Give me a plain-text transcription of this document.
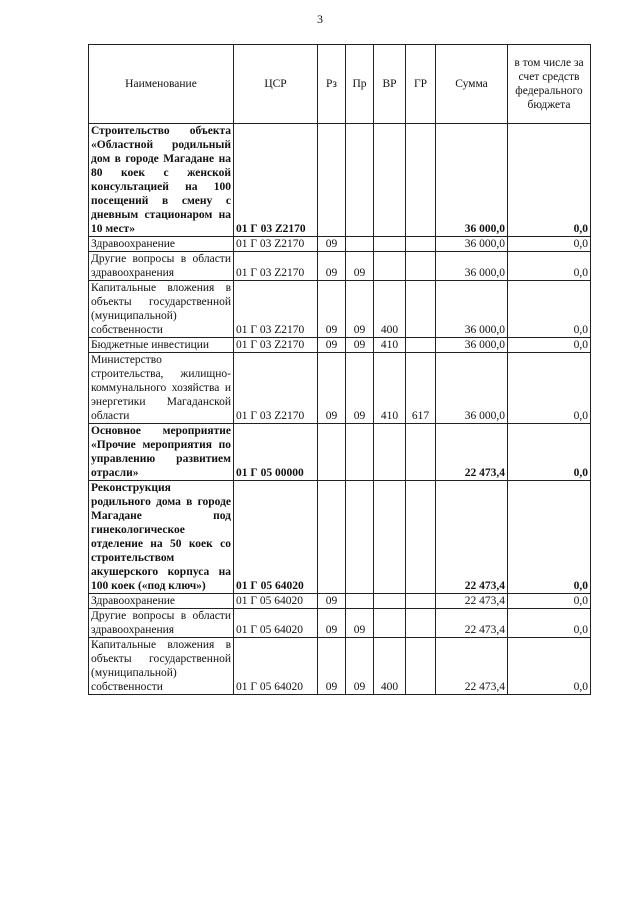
3
Наименование	ЦСР	Рз	Пр	ВР	ГР	Сумма	в том числе за счет средств федерального бюджета
Строительство объекта «Областной родильный дом в городе Магадане на 80 коек с женской консультацией на 100 посещений в смену с дневным стационаром на 10 мест»	01 Г 03 Z2170					36 000,0	0,0
Здравоохранение	01 Г 03 Z2170	09				36 000,0	0,0
Другие вопросы в области здравоохранения	01 Г 03 Z2170	09	09			36 000,0	0,0
Капитальные вложения в объекты государственной (муниципальной) собственности	01 Г 03 Z2170	09	09	400		36 000,0	0,0
Бюджетные инвестиции	01 Г 03 Z2170	09	09	410		36 000,0	0,0
Министерство строительства, жилищно-коммунального хозяйства и энергетики Магаданской области	01 Г 03 Z2170	09	09	410	617	36 000,0	0,0
Основное мероприятие «Прочие мероприятия по управлению развитием отрасли»	01 Г 05 00000					22 473,4	0,0
Реконструкция родильного дома в городе Магадане под гинекологическое отделение на 50 коек со строительством акушерского корпуса на 100 коек («под ключ»)	01 Г 05 64020					22 473,4	0,0
Здравоохранение	01 Г 05 64020	09				22 473,4	0,0
Другие вопросы в области здравоохранения	01 Г 05 64020	09	09			22 473,4	0,0
Капитальные вложения в объекты государственной (муниципальной) собственности	01 Г 05 64020	09	09	400		22 473,4	0,0
